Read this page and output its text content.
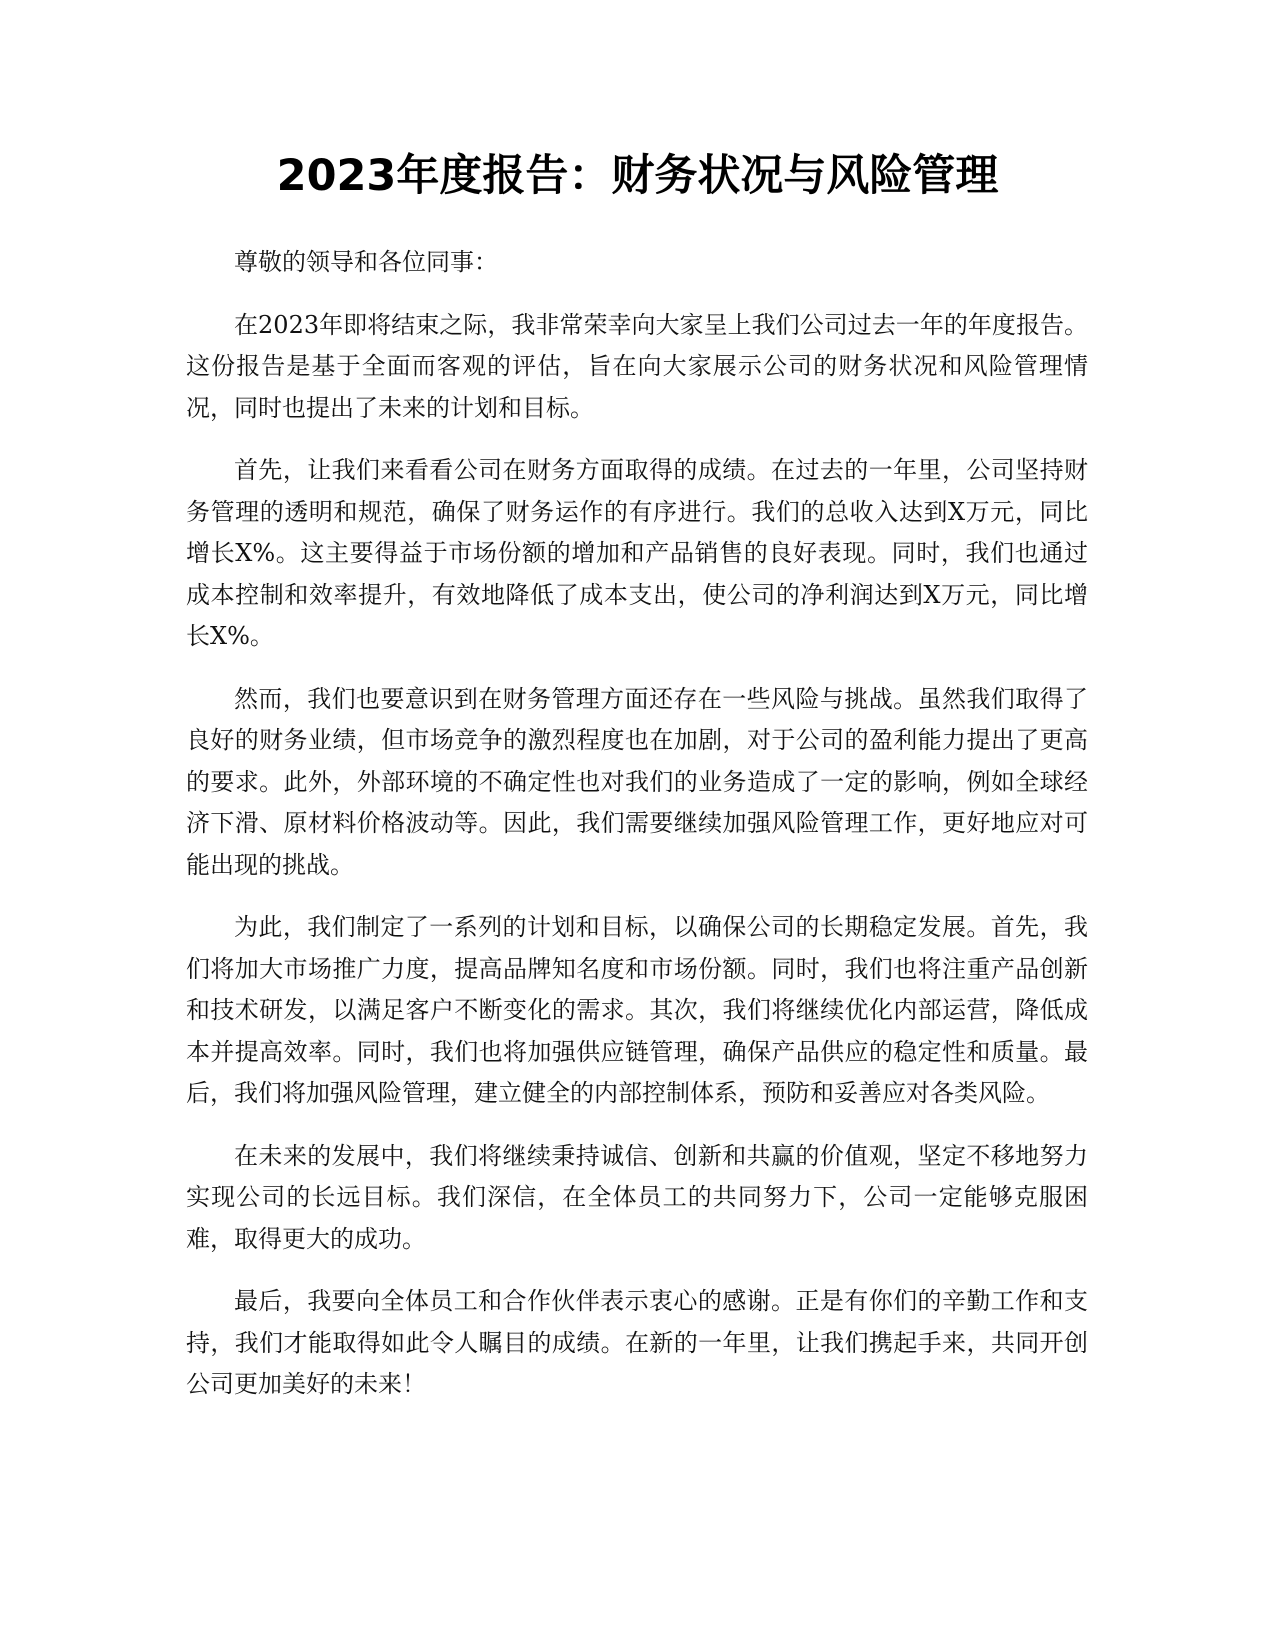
2023年度报告：财务状况与风险管理

尊敬的领导和各位同事：

在2023年即将结束之际，我非常荣幸向大家呈上我们公司过去一年的年度报告。这份报告是基于全面而客观的评估，旨在向大家展示公司的财务状况和风险管理情况，同时也提出了未来的计划和目标。

首先，让我们来看看公司在财务方面取得的成绩。在过去的一年里，公司坚持财务管理的透明和规范，确保了财务运作的有序进行。我们的总收入达到X万元，同比增长X%。这主要得益于市场份额的增加和产品销售的良好表现。同时，我们也通过成本控制和效率提升，有效地降低了成本支出，使公司的净利润达到X万元，同比增长X%。

然而，我们也要意识到在财务管理方面还存在一些风险与挑战。虽然我们取得了良好的财务业绩，但市场竞争的激烈程度也在加剧，对于公司的盈利能力提出了更高的要求。此外，外部环境的不确定性也对我们的业务造成了一定的影响，例如全球经济下滑、原材料价格波动等。因此，我们需要继续加强风险管理工作，更好地应对可能出现的挑战。

为此，我们制定了一系列的计划和目标，以确保公司的长期稳定发展。首先，我们将加大市场推广力度，提高品牌知名度和市场份额。同时，我们也将注重产品创新和技术研发，以满足客户不断变化的需求。其次，我们将继续优化内部运营，降低成本并提高效率。同时，我们也将加强供应链管理，确保产品供应的稳定性和质量。最后，我们将加强风险管理，建立健全的内部控制体系，预防和妥善应对各类风险。

在未来的发展中，我们将继续秉持诚信、创新和共赢的价值观，坚定不移地努力实现公司的长远目标。我们深信，在全体员工的共同努力下，公司一定能够克服困难，取得更大的成功。

最后，我要向全体员工和合作伙伴表示衷心的感谢。正是有你们的辛勤工作和支持，我们才能取得如此令人瞩目的成绩。在新的一年里，让我们携起手来，共同开创公司更加美好的未来！
